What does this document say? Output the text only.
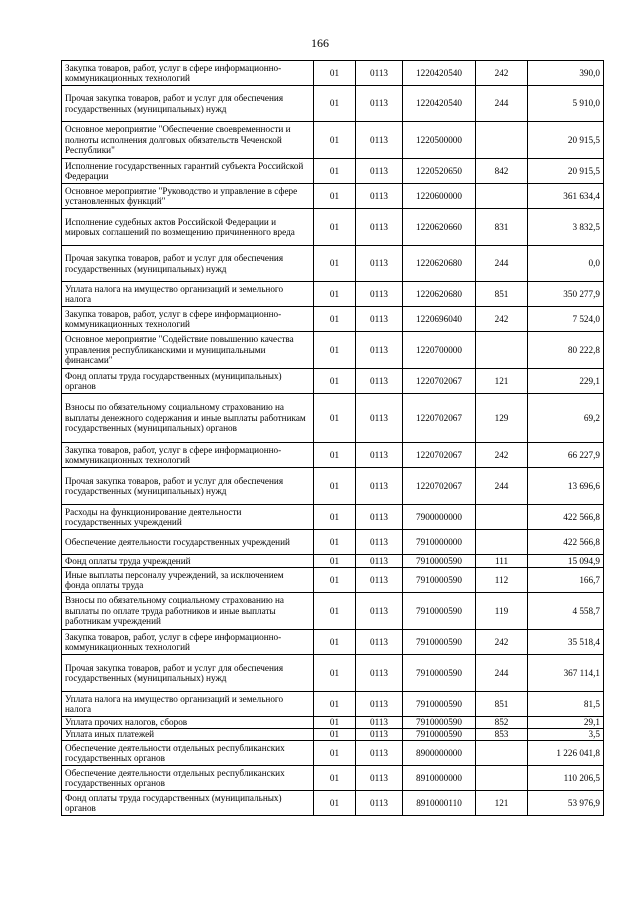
166
Закупка товаров, работ, услуг в сфере информационно-коммуникационных технологий	01	0113	1220420540	242	390,0
Прочая закупка товаров, работ и услуг для обеспечения государственных (муниципальных) нужд	01	0113	1220420540	244	5 910,0
Основное мероприятие "Обеспечение своевременности и полноты исполнения долговых обязательств Чеченской Республики"	01	0113	1220500000		20 915,5
Исполнение государственных гарантий субъекта Российской Федерации	01	0113	1220520650	842	20 915,5
Основное мероприятие "Руководство и управление в сфере установленных функций"	01	0113	1220600000		361 634,4
Исполнение судебных актов Российской Федерации и мировых соглашений по возмещению причиненного вреда	01	0113	1220620660	831	3 832,5
Прочая закупка товаров, работ и услуг для обеспечения государственных (муниципальных) нужд	01	0113	1220620680	244	0,0
Уплата налога на имущество организаций и земельного налога	01	0113	1220620680	851	350 277,9
Закупка товаров, работ, услуг в сфере информационно-коммуникационных технологий	01	0113	1220696040	242	7 524,0
Основное мероприятие "Содействие повышению качества управления республиканскими и муниципальными финансами"	01	0113	1220700000		80 222,8
Фонд оплаты труда государственных (муниципальных) органов	01	0113	1220702067	121	229,1
Взносы по обязательному социальному страхованию на выплаты денежного содержания и иные выплаты работникам государственных (муниципальных) органов	01	0113	1220702067	129	69,2
Закупка товаров, работ, услуг в сфере информационно-коммуникационных технологий	01	0113	1220702067	242	66 227,9
Прочая закупка товаров, работ и услуг для обеспечения государственных (муниципальных) нужд	01	0113	1220702067	244	13 696,6
Расходы на функционирование деятельности государственных учреждений	01	0113	7900000000		422 566,8
Обеспечение деятельности государственных учреждений	01	0113	7910000000		422 566,8
Фонд оплаты труда учреждений	01	0113	7910000590	111	15 094,9
Иные выплаты персоналу учреждений, за исключением фонда оплаты труда	01	0113	7910000590	112	166,7
Взносы по обязательному социальному страхованию на выплаты по оплате труда работников и иные выплаты работникам учреждений	01	0113	7910000590	119	4 558,7
Закупка товаров, работ, услуг в сфере информационно-коммуникационных технологий	01	0113	7910000590	242	35 518,4
Прочая закупка товаров, работ и услуг для обеспечения государственных (муниципальных) нужд	01	0113	7910000590	244	367 114,1
Уплата налога на имущество организаций и земельного налога	01	0113	7910000590	851	81,5
Уплата прочих налогов, сборов	01	0113	7910000590	852	29,1
Уплата иных платежей	01	0113	7910000590	853	3,5
Обеспечение деятельности отдельных республиканских государственных органов	01	0113	8900000000		1 226 041,8
Обеспечение деятельности отдельных республиканских государственных органов	01	0113	8910000000		110 206,5
Фонд оплаты труда государственных (муниципальных) органов	01	0113	8910000110	121	53 976,9
